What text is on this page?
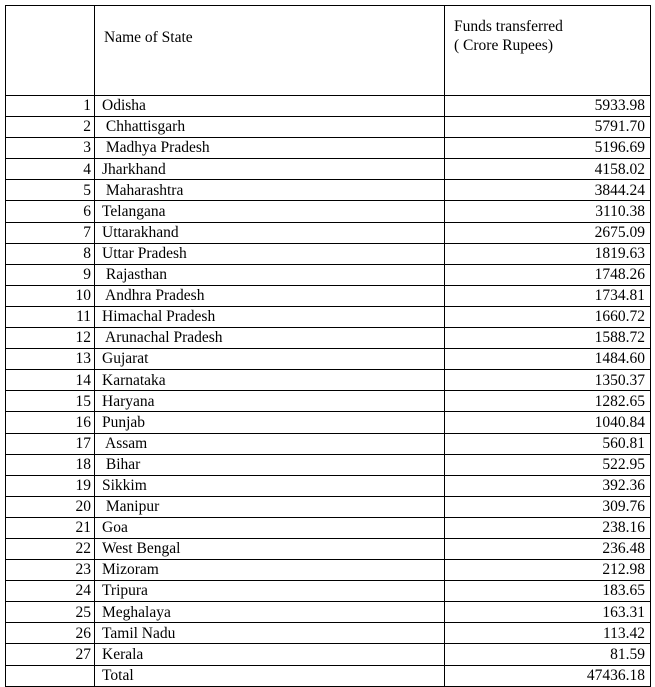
	Name of State	Funds transferred
( Crore Rupees)
1	Odisha	5933.98
2	Chhattisgarh	5791.70
3	Madhya Pradesh	5196.69
4	Jharkhand	4158.02
5	Maharashtra	3844.24
6	Telangana	3110.38
7	Uttarakhand	2675.09
8	Uttar Pradesh	1819.63
9	Rajasthan	1748.26
10	Andhra Pradesh	1734.81
11	Himachal Pradesh	1660.72
12	Arunachal Pradesh	1588.72
13	Gujarat	1484.60
14	Karnataka	1350.37
15	Haryana	1282.65
16	Punjab	1040.84
17	Assam	560.81
18	Bihar	522.95
19	Sikkim	392.36
20	Manipur	309.76
21	Goa	238.16
22	West Bengal	236.48
23	Mizoram	212.98
24	Tripura	183.65
25	Meghalaya	163.31
26	Tamil Nadu	113.42
27	Kerala	81.59
	Total	47436.18
